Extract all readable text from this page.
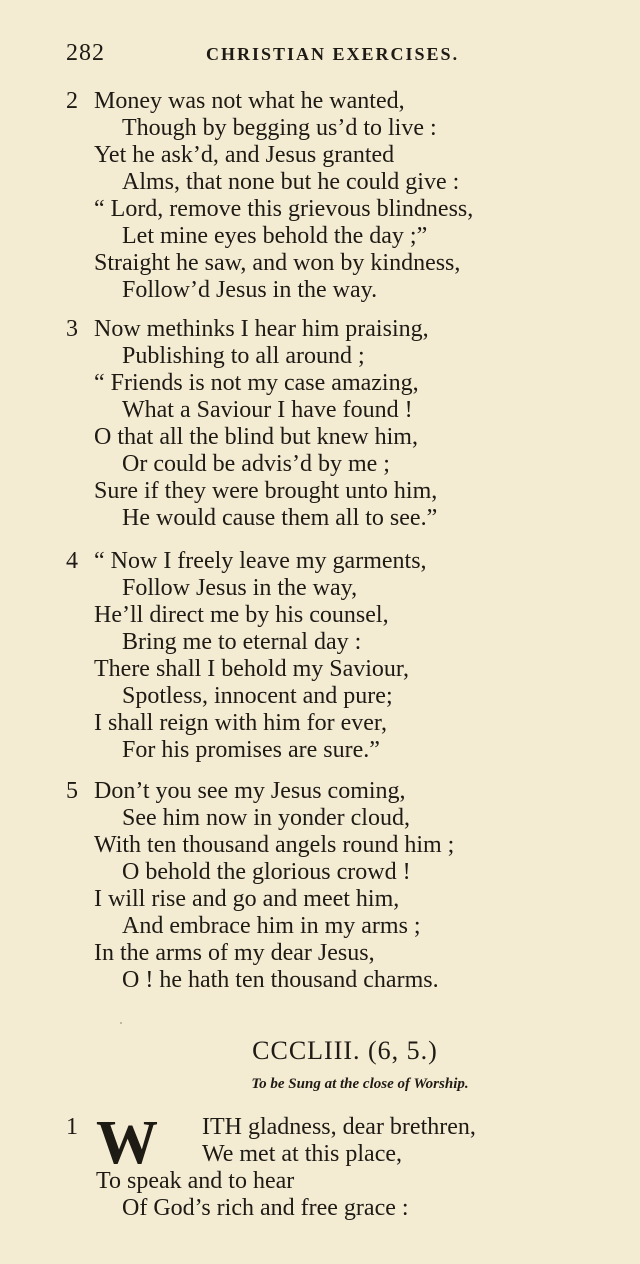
282	CHRISTIAN EXERCISES.
2 Money was not what he wanted,
Though by begging us’d to live :
Yet he ask’d, and Jesus granted
Alms, that none but he could give :
“ Lord, remove this grievous blindness,
Let mine eyes behold the day ;”
Straight he saw, and won by kindness,
Follow’d Jesus in the way.
3 Now methinks I hear him praising,
Publishing to all around ;
“ Friends is not my case amazing,
What a Saviour I have found !
O that all the blind but knew him,
Or could be advis’d by me ;
Sure if they were brought unto him,
He would cause them all to see.”
4 “ Now I freely leave my garments,
Follow Jesus in the way,
He’ll direct me by his counsel,
Bring me to eternal day :
There shall I behold my Saviour,
Spotless, innocent and pure;
I shall reign with him for ever,
For his promises are sure.”
5 Don’t you see my Jesus coming,
See him now in yonder cloud,
With ten thousand angels round him ;
O behold the glorious crowd !
I will rise and go and meet him,
And embrace him in my arms ;
In the arms of my dear Jesus,
O ! he hath ten thousand charms.
CCCLIII. (6, 5.)
To be Sung at the close of Worship.
1 W	ITH gladness, dear brethren,
We met at this place,
To speak and to hear
Of God’s rich and free grace :
